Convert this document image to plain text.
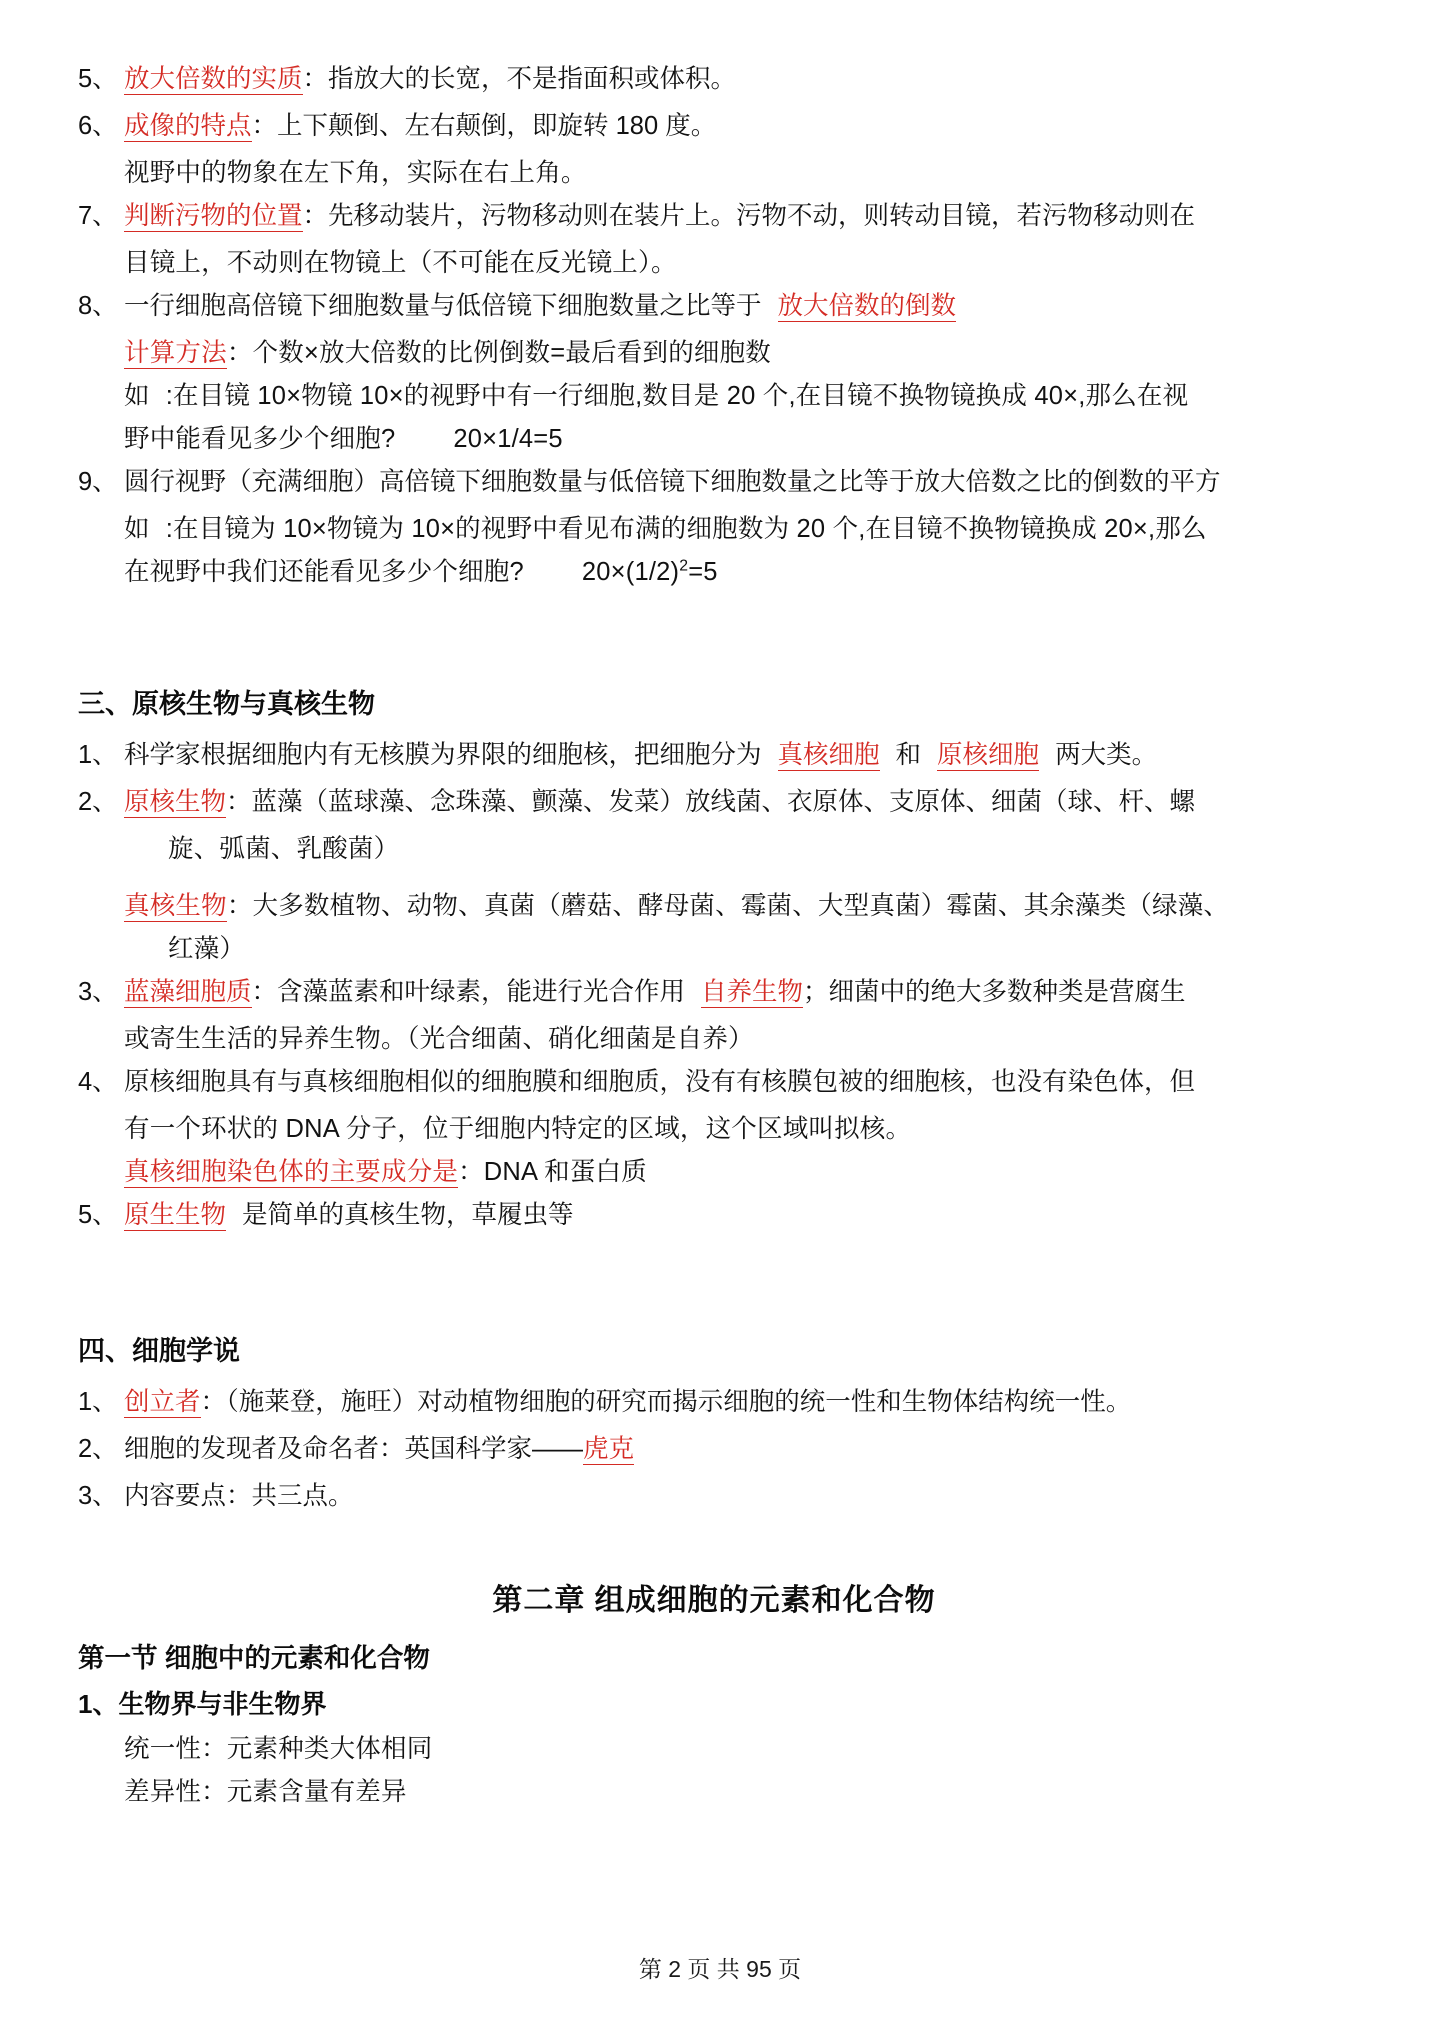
5、 放大倍数的实质：指放大的长宽，不是指面积或体积。
6、 成像的特点：上下颠倒、左右颠倒，即旋转 180 度。
视野中的物象在左下角，实际在右上角。
7、 判断污物的位置：先移动装片，污物移动则在装片上。污物不动，则转动目镜，若污物移动则在
目镜上，不动则在物镜上（不可能在反光镜上）。
8、 一行细胞高倍镜下细胞数量与低倍镜下细胞数量之比等于 放大倍数的倒数
计算方法：个数×放大倍数的比例倒数=最后看到的细胞数
如 :在目镜 10×物镜 10×的视野中有一行细胞,数目是 20 个,在目镜不换物镜换成 40×,那么在视
野中能看见多少个细胞? 20×1/4=5
9、 圆行视野（充满细胞）高倍镜下细胞数量与低倍镜下细胞数量之比等于放大倍数之比的倒数的平方
如 :在目镜为 10×物镜为 10×的视野中看见布满的细胞数为 20 个,在目镜不换物镜换成 20×,那么
在视野中我们还能看见多少个细胞? $20\times(1/2)^2=5$
三、原核生物与真核生物
1、 科学家根据细胞内有无核膜为界限的细胞核，把细胞分为 真核细胞 和 原核细胞 两大类。
2、 原核生物：蓝藻（蓝球藻、念珠藻、颤藻、发菜）放线菌、衣原体、支原体、细菌（球、杆、螺
旋、弧菌、乳酸菌）
真核生物：大多数植物、动物、真菌（蘑菇、酵母菌、霉菌、大型真菌）霉菌、其余藻类（绿藻、
红藻）
3、 蓝藻细胞质：含藻蓝素和叶绿素，能进行光合作用 自养生物；细菌中的绝大多数种类是营腐生
或寄生生活的异养生物。（光合细菌、硝化细菌是自养）
4、 原核细胞具有与真核细胞相似的细胞膜和细胞质，没有有核膜包被的细胞核，也没有染色体，但
有一个环状的 DNA 分子，位于细胞内特定的区域，这个区域叫拟核。
真核细胞染色体的主要成分是：DNA 和蛋白质
5、 原生生物 是简单的真核生物，草履虫等
四、细胞学说
1、 创立者：（施莱登，施旺）对动植物细胞的研究而揭示细胞的统一性和生物体结构统一性。
2、 细胞的发现者及命名者：英国科学家——虎克
3、 内容要点：共三点。
第二章 组成细胞的元素和化合物
第一节 细胞中的元素和化合物
1、生物界与非生物界
统一性：元素种类大体相同
差异性：元素含量有差异
第 2 页 共 95 页
